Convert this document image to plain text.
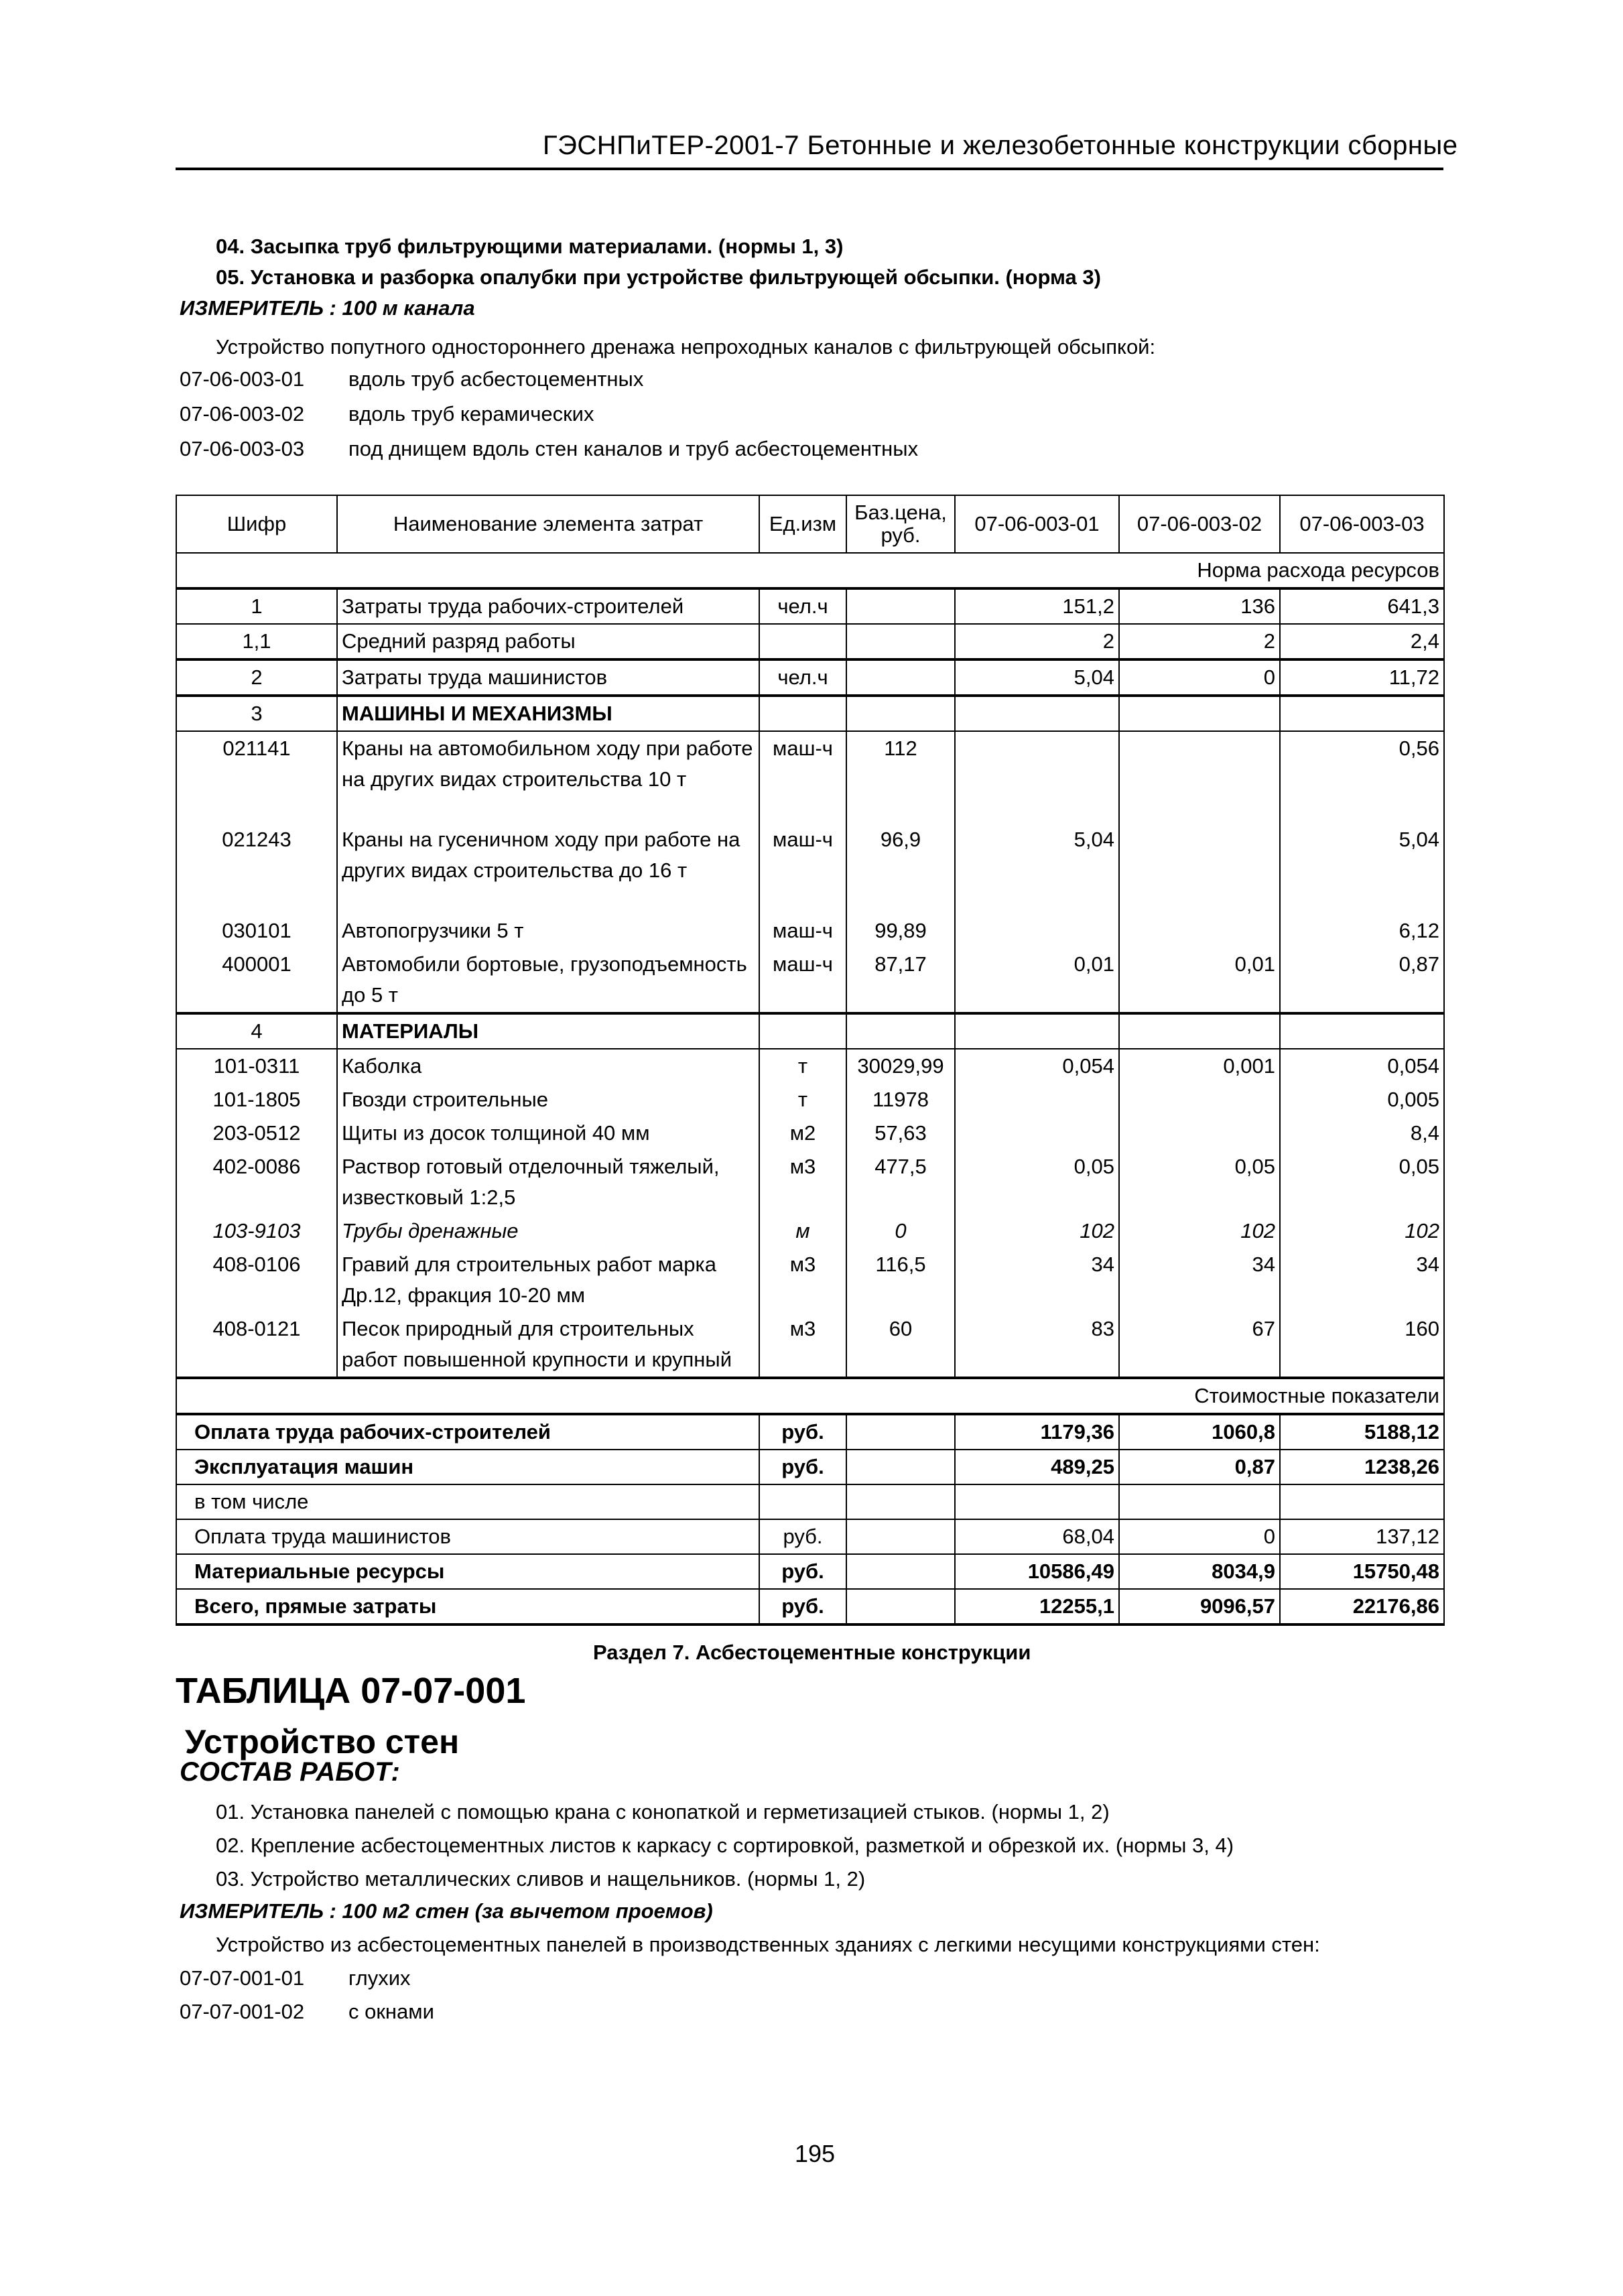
ГЭСНПиТЕР-2001-7 Бетонные и железобетонные конструкции сборные
04. Засыпка труб фильтрующими материалами. (нормы 1, 3)
05. Установка и разборка опалубки при устройстве фильтрующей обсыпки. (норма 3)
ИЗМЕРИТЕЛЬ : 100 м канала
Устройство попутного одностороннего дренажа непроходных каналов с фильтрующей обсыпкой:
07-06-003-01 вдоль труб асбестоцементных
07-06-003-02 вдоль труб керамических
07-06-003-03 под днищем вдоль стен каналов и труб асбестоцементных
Шифр	Наименование элемента затрат	Ед.изм	Баз.цена, руб.	07-06-003-01	07-06-003-02	07-06-003-03
Норма расхода ресурсов						
1	Затраты труда рабочих-строителей	чел.ч		151,2	136	641,3
1,1	Средний разряд работы			2	2	2,4
2	Затраты труда машинистов	чел.ч		5,04	0	11,72
3	МАШИНЫ И МЕХАНИЗМЫ					
021141	Краны на автомобильном ходу при работе на других видах строительства 10 т	маш-ч	112			0,56
021243	Краны на гусеничном ходу при работе на других видах строительства до 16 т	маш-ч	96,9	5,04		5,04
030101	Автопогрузчики 5 т	маш-ч	99,89			6,12
400001	Автомобили бортовые, грузоподъемность до 5 т	маш-ч	87,17	0,01	0,01	0,87
4	МАТЕРИАЛЫ					
101-0311	Каболка	т	30029,99	0,054	0,001	0,054
101-1805	Гвозди строительные	т	11978			0,005
203-0512	Щиты из досок толщиной 40 мм	м2	57,63			8,4
402-0086	Раствор готовый отделочный тяжелый, известковый 1:2,5	м3	477,5	0,05	0,05	0,05
103-9103	Трубы дренажные	м	0	102	102	102
408-0106	Гравий для строительных работ марка Др.12, фракция 10-20 мм	м3	116,5	34	34	34
408-0121	Песок природный для строительных работ повышенной крупности и крупный	м3	60	83	67	160
Стоимостные показатели						
Оплата труда рабочих-строителей		руб.		1179,36	1060,8	5188,12
Эксплуатация машин		руб.		489,25	0,87	1238,26
в том числе						
Оплата труда машинистов		руб.		68,04	0	137,12
Материальные ресурсы		руб.		10586,49	8034,9	15750,48
Всего, прямые затраты		руб.		12255,1	9096,57	22176,86
Раздел 7. Асбестоцементные конструкции
ТАБЛИЦА 07-07-001
Устройство стен
СОСТАВ РАБОТ:
01. Установка панелей с помощью крана с конопаткой и герметизацией стыков. (нормы 1, 2)
02. Крепление асбестоцементных листов к каркасу с сортировкой, разметкой и обрезкой их. (нормы 3, 4)
03. Устройство металлических сливов и нащельников. (нормы 1, 2)
ИЗМЕРИТЕЛЬ : 100 м2 стен (за вычетом проемов)
Устройство из асбестоцементных панелей в производственных зданиях с легкими несущими конструкциями стен:
07-07-001-01 глухих
07-07-001-02 с окнами
195
